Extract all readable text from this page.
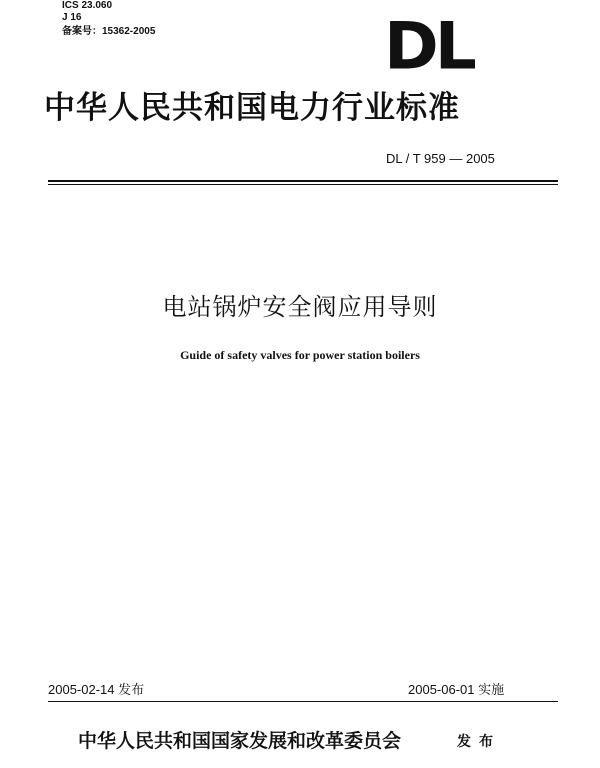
ICS 23.060
J 16
备案号：15362-2005	DL
中华人民共和国电力行业标准
DL / T 959 — 2005
电站锅炉安全阀应用导则
Guide of safety valves for power station boilers
2005-02-14 发布	2005-06-01 实施
中华人民共和国国家发展和改革委员会	发布
